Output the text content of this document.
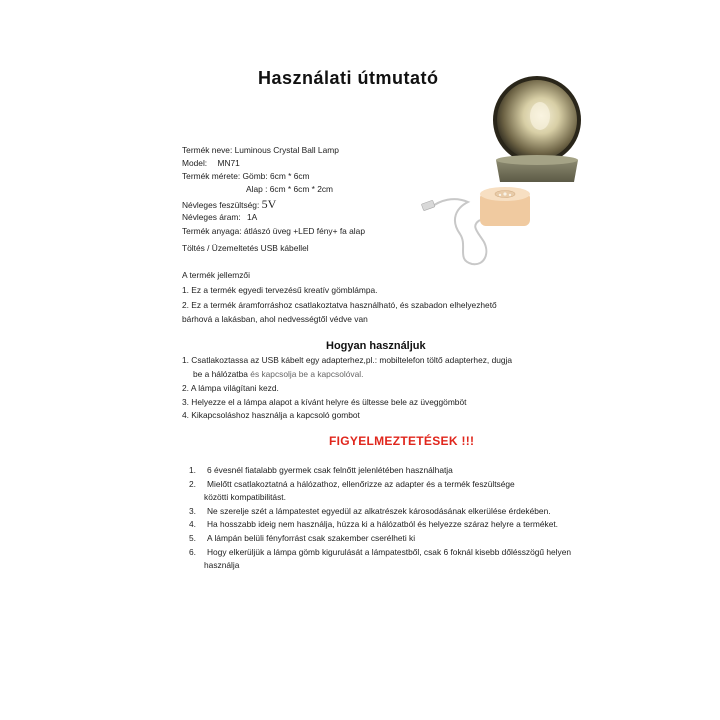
Használati útmutató
Termék neve: Luminous Crystal Ball Lamp
Model: MN71
Termék mérete: Gömb: 6cm * 6cm
Alap : 6cm * 6cm * 2cm
Névleges feszültség: 5V
Névleges áram: 1A
Termék anyaga: átlászó üveg +LED fény+ fa alap
Töltés / Üzemeltetés USB kábellel
A termék jellemzői
1. Ez a termék egyedi tervezésű kreatív gömblámpa.
2. Ez a termék áramforráshoz csatlakoztatva használható, és szabadon elhelyezhető
bárhová a lakásban, ahol nedvességtől védve van
Hogyan használjuk
1. Csatlakoztassa az USB kábelt egy adapterhez,pl.: mobiltelefon töltő adapterhez, dugja
be a hálózatba és kapcsolja be a kapcsolóval.
2. A lámpa világítani kezd.
3. Helyezze el a lámpa alapot a kívánt helyre és ültesse bele az üveggömböt
4. Kikapcsoláshoz használja a kapcsoló gombot
FIGYELMEZTETÉSEK !!!
1. 6 évesnél fiatalabb gyermek csak felnőtt jelenlétében használhatja
2. Mielőtt csatlakoztatná a hálózathoz, ellenőrizze az adapter és a termék feszültsége
közötti kompatibilitást.
3. Ne szerelje szét a lámpatestet egyedül az alkatrészek károsodásának elkerülése érdekében.
4. Ha hosszabb ideig nem használja, húzza ki a hálózatból és helyezze száraz helyre a terméket.
5. A lámpán belüli fényforrást csak szakember cserélheti ki
6. Hogy elkerüljük a lámpa gömb kigurulását a lámpatestből, csak 6 foknál kisebb dőlésszögű helyen
használja
